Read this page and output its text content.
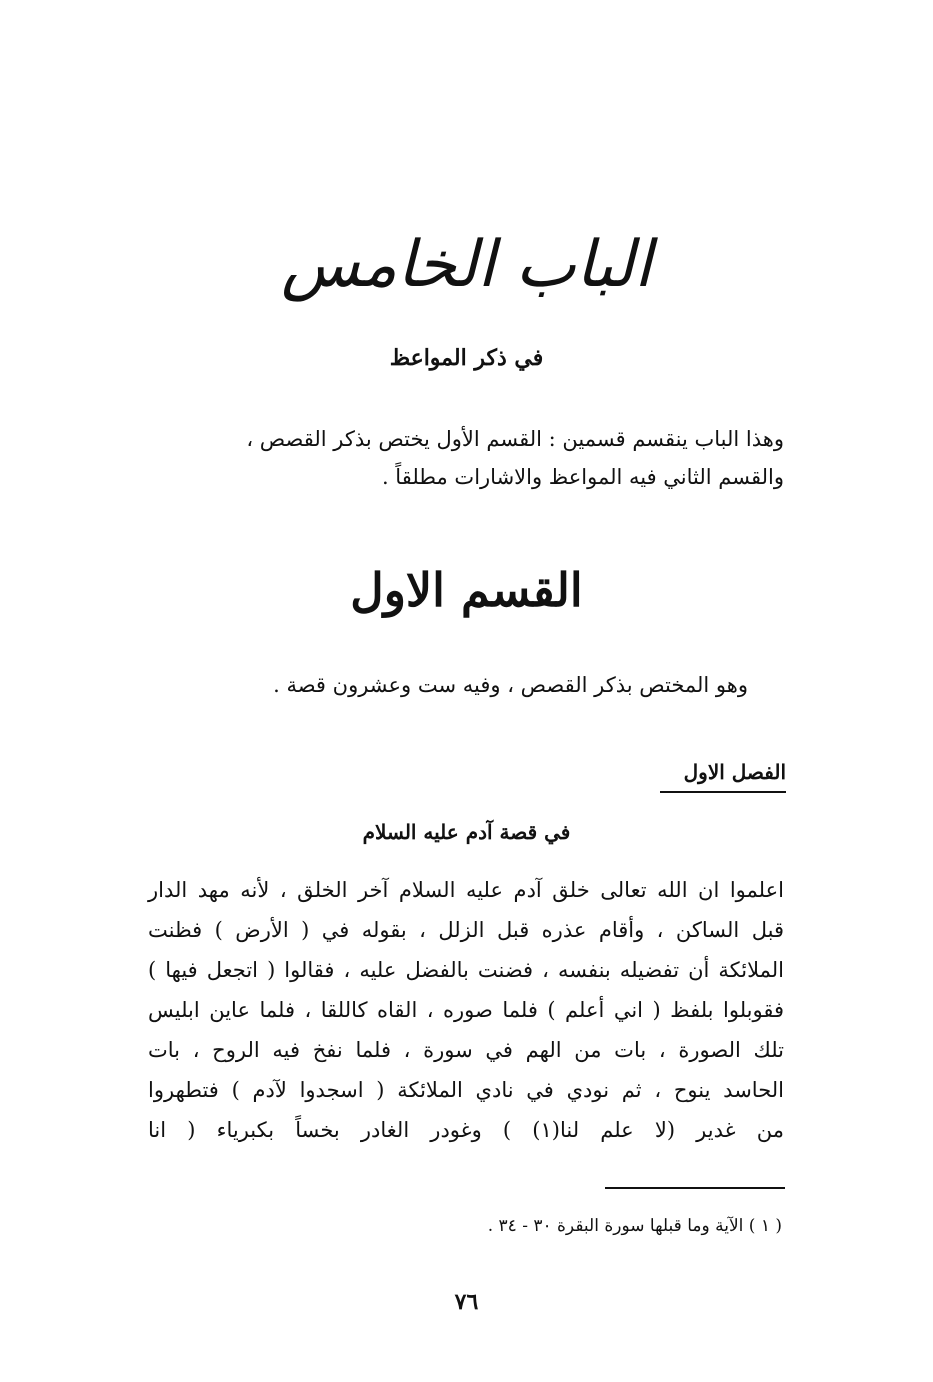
الباب الخامس
في ذكر المواعظ

وهذا الباب ينقسم قسمين : القسم الأول يختص بذكر القصص ،

والقسم الثاني فيه المواعظ والاشارات مطلقاً .

القسم الاول
وهو المختص بذكر القصص ، وفيه ست وعشرون قصة .
الفصل الاول
في قصة آدم عليه السلام

اعلموا ان الله تعالى خلق آدم عليه السلام آخر الخلق ، لأنه مهد الدار

قبل الساكن ، وأقام عذره قبل الزلل ، بقوله في ( الأرض ) فظنت

الملائكة أن تفضيله بنفسه ، فضنت بالفضل عليه ، فقالوا ( اتجعل فيها )

فقوبلوا بلفظ ( اني أعلم ) فلما صوره ، القاه كاللقا ، فلما عاين ابليس

تلك الصورة ، بات من الهم في سورة ، فلما نفخ فيه الروح ، بات

الحاسد ينوح ، ثم نودي في نادي الملائكة ( اسجدوا لآدم ) فتطهروا

من غدير (لا علم لنا(١) ) وغودر الغادر بخساً بكبرياء ( انا

( ١ ) الآية وما قبلها سورة البقرة ٣٠ - ٣٤ .
٧٦
